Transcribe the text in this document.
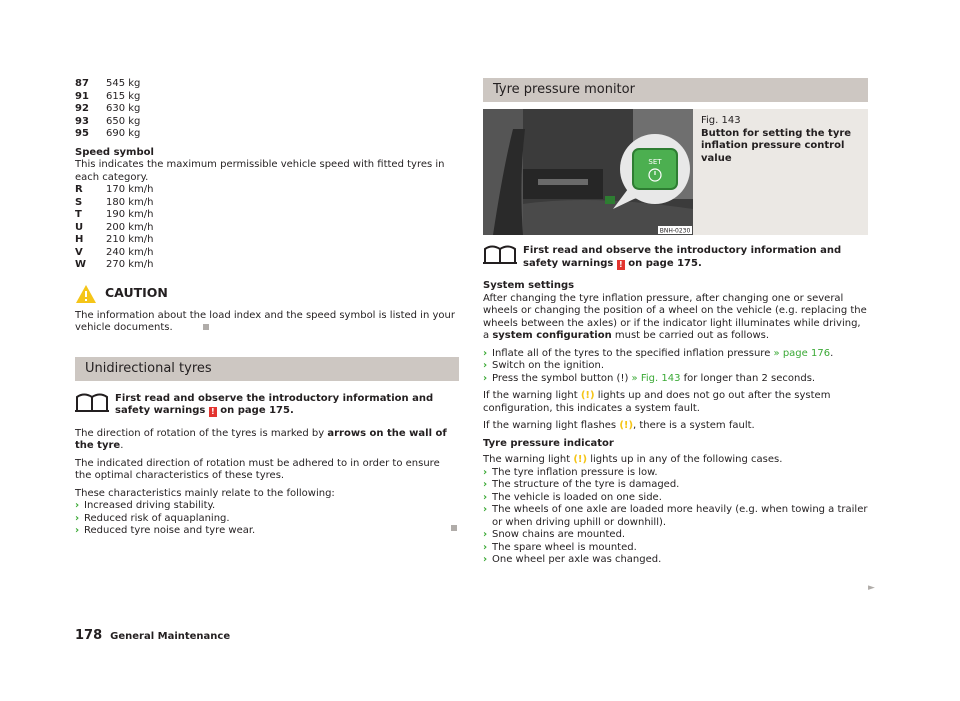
87	545 kg
91	615 kg
92	630 kg
93	650 kg
95	690 kg
Speed symbol
This indicates the maximum permissible vehicle speed with fitted tyres in each category.
R	170 km/h
S	180 km/h
T	190 km/h
U	200 km/h
H	210 km/h
V	240 km/h
W	270 km/h
CAUTION
The information about the load index and the speed symbol is listed in your vehicle documents.
Unidirectional tyres
First read and observe the introductory information and safety warnings ! on page 175.

The direction of rotation of the tyres is marked by arrows on the wall of the tyre.

The indicated direction of rotation must be adhered to in order to ensure the optimal characteristics of these tyres.

These characteristics mainly relate to the following:
› Increased driving stability.
› Reduced risk of aquaplaning.
› Reduced tyre noise and tyre wear.
Tyre pressure monitor
SET
BNH-0230
Fig. 143
Button for setting the tyre inflation pressure control value
First read and observe the introductory information and safety warnings ! on page 175.
System settings

After changing the tyre inflation pressure, after changing one or several wheels or changing the position of a wheel on the vehicle (e.g. replacing the wheels between the axles) or if the indicator light illuminates while driving, a system configuration must be carried out as follows.

› Inflate all of the tyres to the specified inflation pressure » page 176.
› Switch on the ignition.
› Press the symbol button (!) » Fig. 143 for longer than 2 seconds.

If the warning light (!) lights up and does not go out after the system configuration, this indicates a system fault.

If the warning light flashes (!), there is a system fault.

Tyre pressure indicator
The warning light (!) lights up in any of the following cases.
› The tyre inflation pressure is low.
› The structure of the tyre is damaged.
› The vehicle is loaded on one side.
› The wheels of one axle are loaded more heavily (e.g. when towing a trailer or when driving uphill or downhill).
› Snow chains are mounted.
› The spare wheel is mounted.
› One wheel per axle was changed.
►
178 General Maintenance
